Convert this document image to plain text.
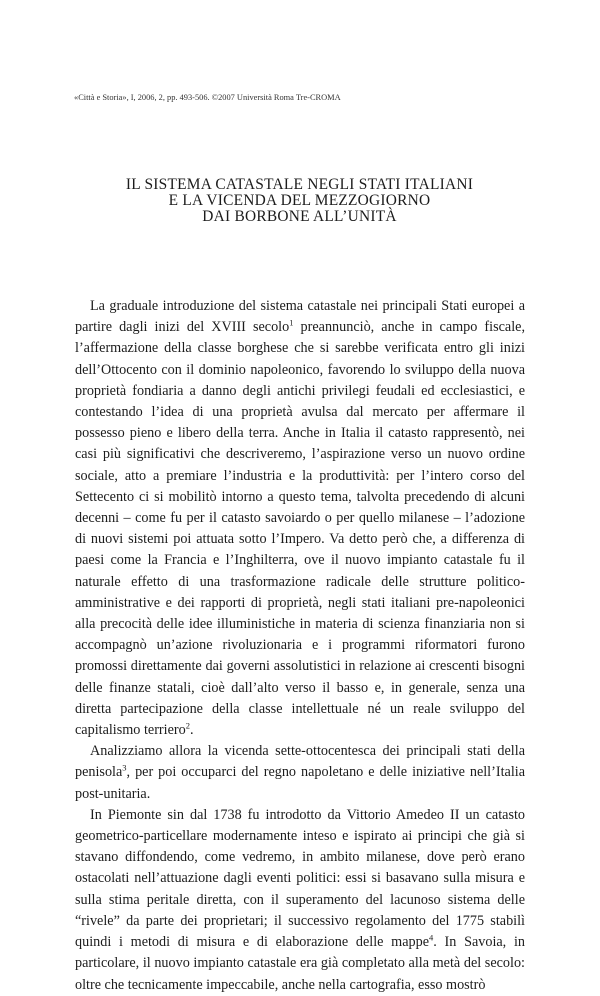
«Città e Storia», I, 2006, 2, pp. 493-506. ©2007 Università Roma Tre-CROMA
IL SISTEMA CATASTALE NEGLI STATI ITALIANI
E LA VICENDA DEL MEZZOGIORNO
DAI BORBONE ALL’UNITÀ

La graduale introduzione del sistema catastale nei principali Stati europei a partire dagli inizi del XVIII secolo$^1$ preannunciò, anche in campo fiscale, l’affermazione della classe borghese che si sarebbe verificata entro gli inizi dell’Ottocento con il dominio napoleonico, favorendo lo sviluppo della nuova proprietà fondiaria a danno degli antichi privilegi feudali ed ecclesiastici, e contestando l’idea di una proprietà avulsa dal mercato per affermare il possesso pieno e libero della terra. Anche in Italia il catasto rappresentò, nei casi più significativi che descriveremo, l’aspirazione verso un nuovo ordine sociale, atto a premiare l’industria e la produttività: per l’intero corso del Settecento ci si mobilitò intorno a questo tema, talvolta precedendo di alcuni decenni – come fu per il catasto savoiardo o per quello milanese – l’adozione di nuovi sistemi poi attuata sotto l’Impero. Va detto però che, a differenza di paesi come la Francia e l’Inghilterra, ove il nuovo impianto catastale fu il naturale effetto di una trasformazione radicale delle strutture politico-amministrative e dei rapporti di proprietà, negli stati italiani pre-napoleonici alla precocità delle idee illuministiche in materia di scienza finanziaria non si accompagnò un’azione rivoluzionaria e i programmi riformatori furono promossi direttamente dai governi assolutistici in relazione ai crescenti bisogni delle finanze statali, cioè dall’alto verso il basso e, in generale, senza una diretta partecipazione della classe intellettuale né un reale sviluppo del capitalismo terriero$^2$.

Analizziamo allora la vicenda sette-ottocentesca dei principali stati della penisola$^3$, per poi occuparci del regno napoletano e delle iniziative nell’Italia post-unitaria.

In Piemonte sin dal 1738 fu introdotto da Vittorio Amedeo II un catasto geometrico-particellare modernamente inteso e ispirato ai principi che già si stavano diffondendo, come vedremo, in ambito milanese, dove però erano ostacolati nell’attuazione dagli eventi politici: essi si basavano sulla misura e sulla stima peritale diretta, con il superamento del lacunoso sistema delle “rivele” da parte dei proprietari; il successivo regolamento del 1775 stabilì quindi i metodi di misura e di elaborazione delle mappe$^4$. In Savoia, in particolare, il nuovo impianto catastale era già completato alla metà del secolo: oltre che tecnicamente impeccabile, anche nella cartografia, esso mostrò
